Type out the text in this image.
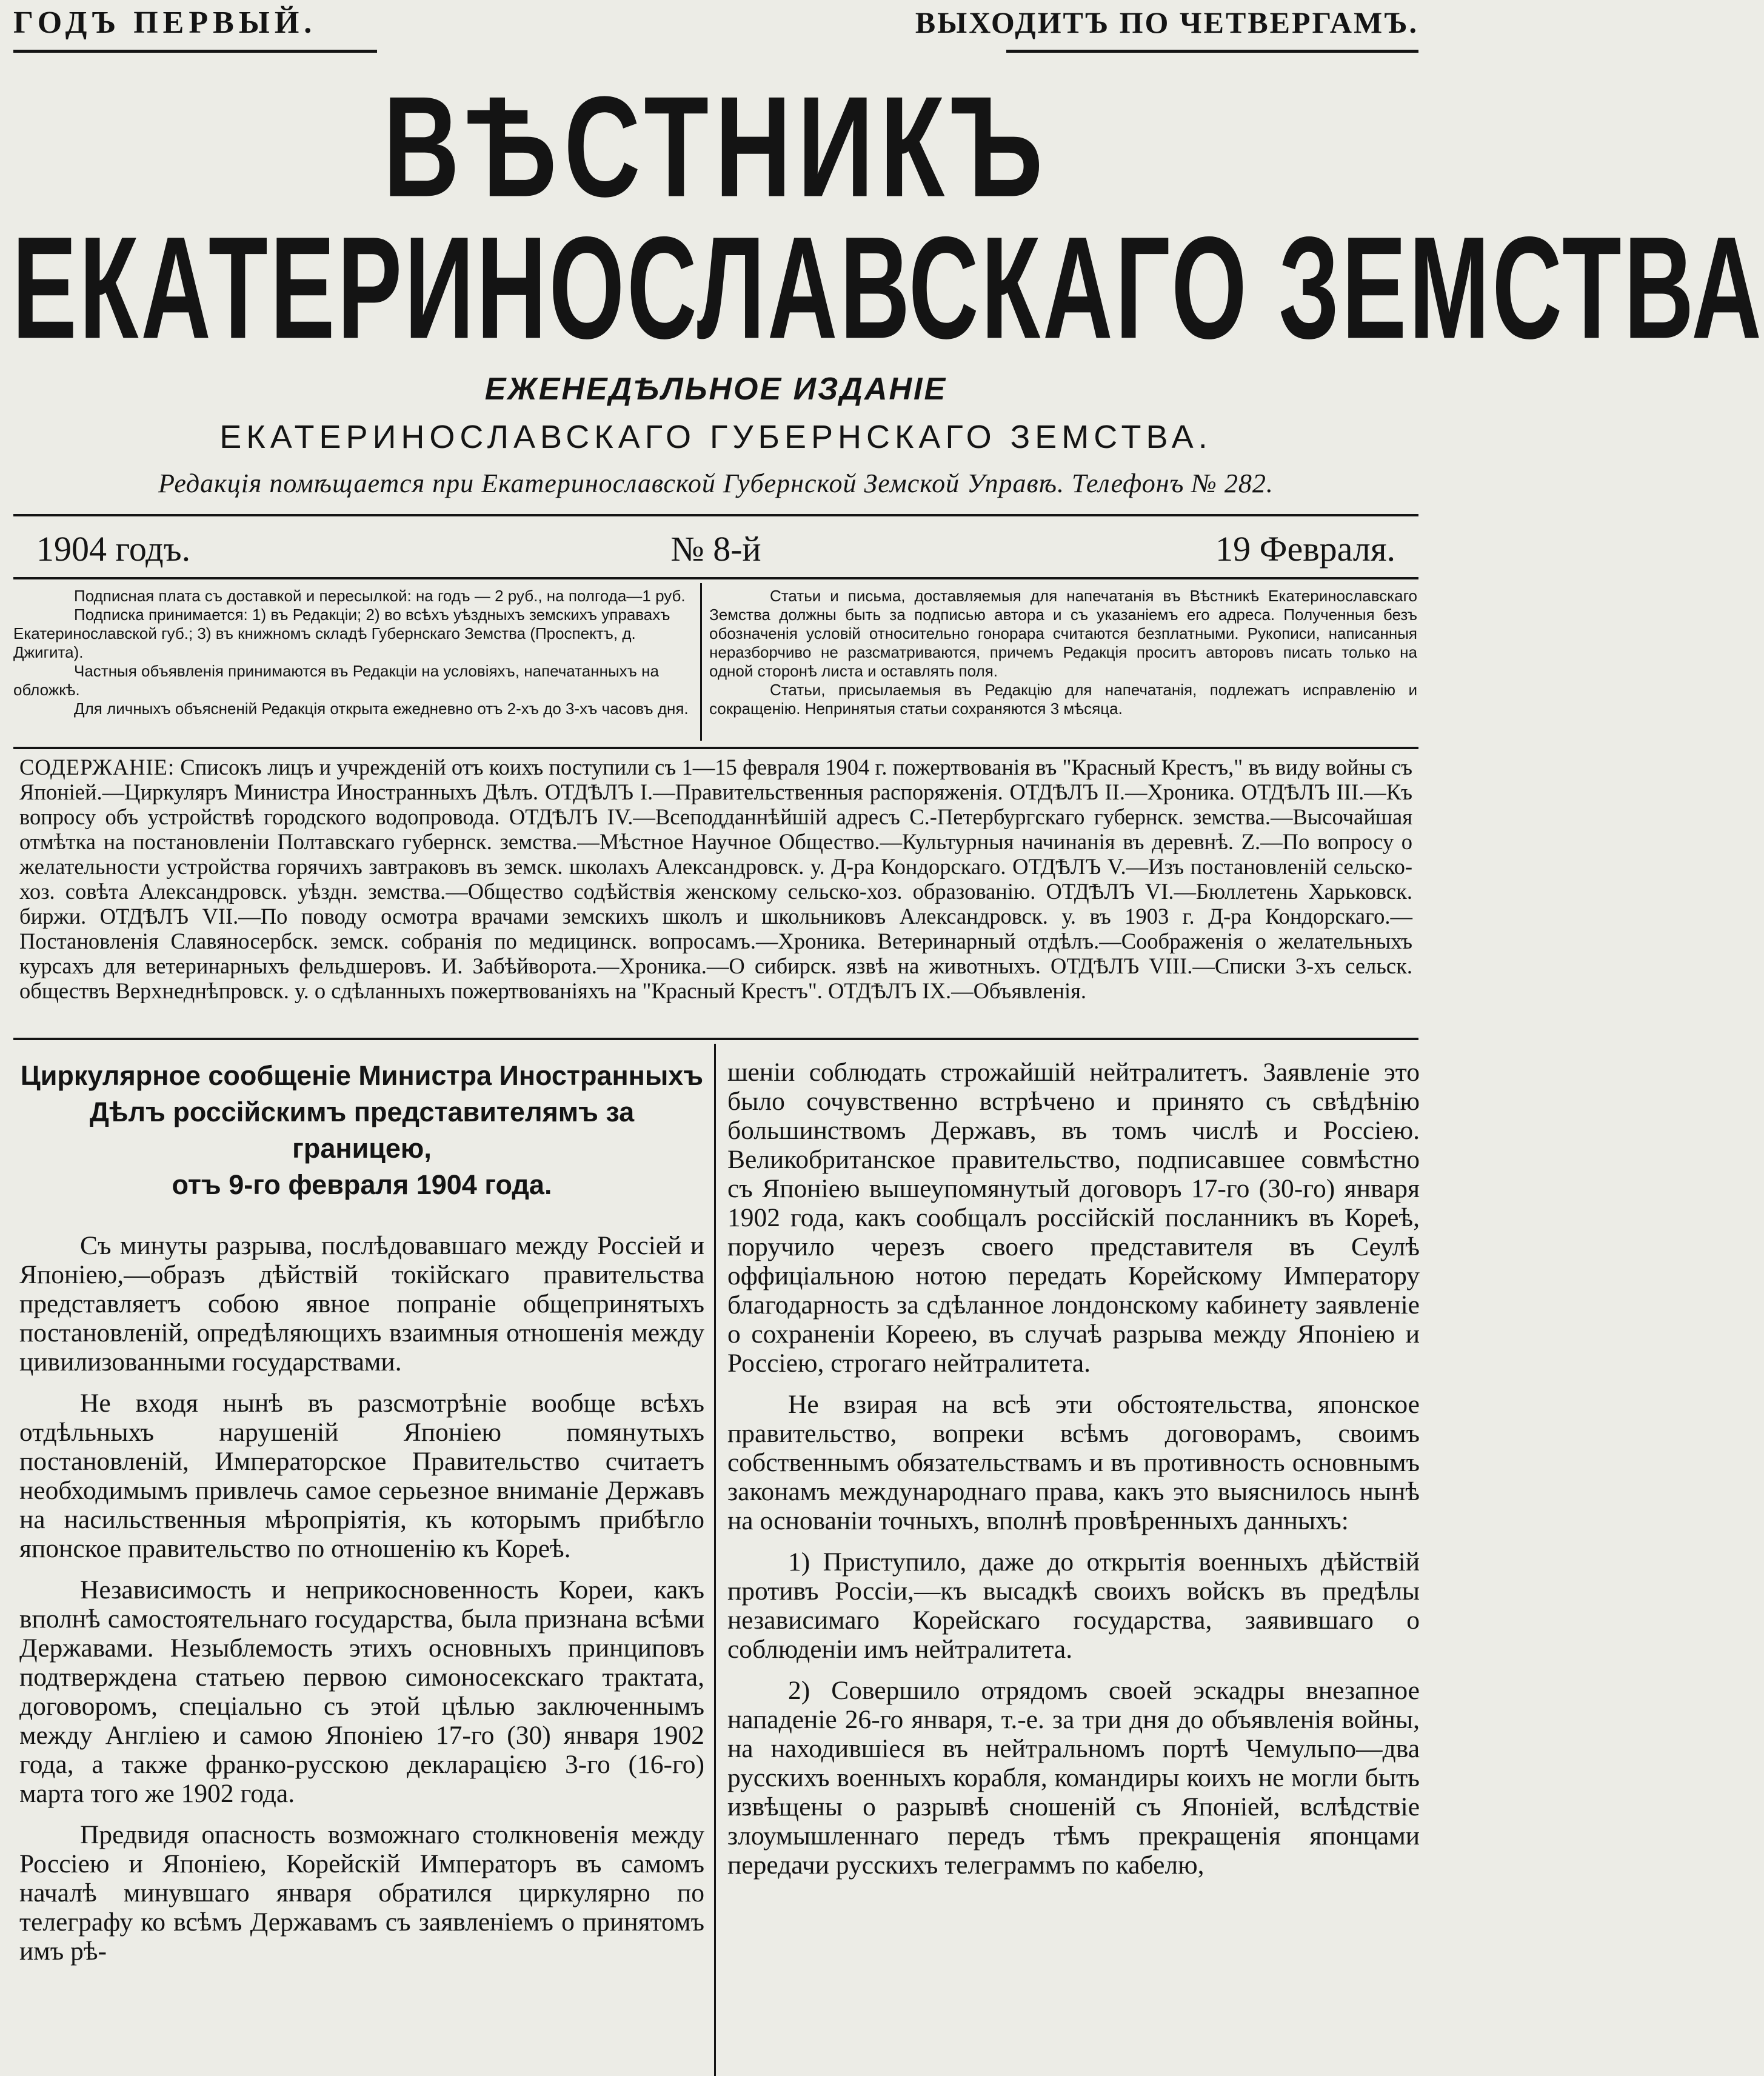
ГОДЪ ПЕРВЫЙ.	ВЫХОДИТЪ ПО ЧЕТВЕРГАМЪ.
ВѢСТНИКЪ
ЕКАТЕРИНОСЛАВСКАГО ЗЕМСТВА
ЕЖЕНЕДѢЛЬНОЕ ИЗДАНІЕ
ЕКАТЕРИНОСЛАВСКАГО ГУБЕРНСКАГО ЗЕМСТВА.
Редакція помѣщается при Екатеринославской Губернской Земской Управѣ. Телефонъ № 282.
1904 годъ.	№ 8-й	19 Февраля.

Подписная плата съ доставкой и пересылкой: на годъ — 2 руб., на полгода—1 руб.

Подписка принимается: 1) въ Редакціи; 2) во всѣхъ уѣздныхъ земскихъ управахъ Екатеринославской губ.; 3) въ книжномъ складѣ Губернскаго Земства (Проспектъ, д. Джигита).

Частныя объявленія принимаются въ Редакціи на условіяхъ, напечатанныхъ на обложкѣ.

Для личныхъ объясненій Редакція открыта ежедневно отъ 2-хъ до 3-хъ часовъ дня.

Статьи и письма, доставляемыя для напечатанія въ Вѣстникѣ Екатеринославскаго Земства должны быть за подписью автора и съ указаніемъ его адреса. Полученныя безъ обозначенія условій относительно гонорара считаются безплатными. Рукописи, написанныя неразборчиво не разсматриваются, причемъ Редакція проситъ авторовъ писать только на одной сторонѣ листа и оставлять поля.

Статьи, присылаемыя въ Редакцію для напечатанія, подлежатъ исправленію и сокращенію. Непринятыя статьи сохраняются 3 мѣсяца.

СОДЕРЖАНІЕ: Списокъ лицъ и учрежденій отъ коихъ поступили съ 1—15 февраля 1904 г. пожертвованія въ "Красный Крестъ," въ виду войны съ Японіей.—Циркуляръ Министра Иностранныхъ Дѣлъ. ОТДѢЛЪ I.—Правительственныя распоряженія. ОТДѢЛЪ II.—Хроника. ОТДѢЛЪ III.—Къ вопросу объ устройствѣ городского водопровода. ОТДѢЛЪ IV.—Всеподданнѣйшій адресъ С.-Петербургскаго губернск. земства.—Высочайшая отмѣтка на постановленіи Полтавскаго губернск. земства.—Мѣстное Научное Общество.—Культурныя начинанія въ деревнѣ. Z.—По вопросу о желательности устройства горячихъ завтраковъ въ земск. школахъ Александровск. у. Д-ра Кондорскаго. ОТДѢЛЪ V.—Изъ постановленій сельско-хоз. совѣта Александровск. уѣздн. земства.—Общество содѣйствія женскому сельско-хоз. образованію. ОТДѢЛЪ VI.—Бюллетень Харьковск. биржи. ОТДѢЛЪ VII.—По поводу осмотра врачами земскихъ школъ и школьниковъ Александровск. у. въ 1903 г. Д-ра Кондорскаго.—Постановленія Славяносербск. земск. собранія по медицинск. вопросамъ.—Хроника. Ветеринарный отдѣлъ.—Соображенія о желательныхъ курсахъ для ветеринарныхъ фельдшеровъ. И. Забѣйворота.—Хроника.—О сибирск. язвѣ на животныхъ. ОТДѢЛЪ VIII.—Списки 3-хъ сельск. обществъ Верхнеднѣпровск. у. о сдѣланныхъ пожертвованіяхъ на "Красный Крестъ". ОТДѢЛЪ IX.—Объявленія.
Циркулярное сообщеніе Министра Иностранныхъ
Дѣлъ россійскимъ представителямъ за границею,
отъ 9-го февраля 1904 года.

Съ минуты разрыва, послѣдовавшаго между Россіей и Японіею,—образъ дѣйствій токійскаго правительства представляетъ собою явное попраніе общепринятыхъ постановленій, опредѣляющихъ взаимныя отношенія между цивилизованными государствами.

Не входя нынѣ въ разсмотрѣніе вообще всѣхъ отдѣльныхъ нарушеній Японіею помянутыхъ постановленій, Императорское Правительство считаетъ необходимымъ привлечь самое серьезное вниманіе Державъ на насильственныя мѣропріятія, къ которымъ прибѣгло японское правительство по отношенію къ Кореѣ.

Независимость и неприкосновенность Кореи, какъ вполнѣ самостоятельнаго государства, была признана всѣми Державами. Незыблемость этихъ основныхъ принциповъ подтверждена статьею первою симоносекскаго трактата, договоромъ, спеціально съ этой цѣлью заключеннымъ между Англіею и самою Японіею 17-го (30) января 1902 года, а также франко-русскою декларацією 3-го (16-го) марта того же 1902 года.

Предвидя опасность возможнаго столкновенія между Россіею и Японіею, Корейскій Императоръ въ самомъ началѣ минувшаго января обратился циркулярно по телеграфу ко всѣмъ Державамъ съ заявленіемъ о принятомъ имъ рѣ-

шеніи соблюдать строжайшій нейтралитетъ. Заявленіе это было сочувственно встрѣчено и принято съ свѣдѣнію большинствомъ Державъ, въ томъ числѣ и Россіею. Великобританское правительство, подписавшее совмѣстно съ Японіею вышеупомянутый договоръ 17-го (30-го) января 1902 года, какъ сообщалъ россійскій посланникъ въ Кореѣ, поручило черезъ своего представителя въ Сеулѣ оффиціальною нотою передать Корейскому Императору благодарность за сдѣланное лондонскому кабинету заявленіе о сохраненіи Кореею, въ случаѣ разрыва между Японіею и Россіею, строгаго нейтралитета.

Не взирая на всѣ эти обстоятельства, японское правительство, вопреки всѣмъ договорамъ, своимъ собственнымъ обязательствамъ и въ противность основнымъ законамъ международнаго права, какъ это выяснилось нынѣ на основаніи точныхъ, вполнѣ провѣренныхъ данныхъ:

1) Приступило, даже до открытія военныхъ дѣйствій противъ Россіи,—къ высадкѣ своихъ войскъ въ предѣлы независимаго Корейскаго государства, заявившаго о соблюденіи имъ нейтралитета.

2) Совершило отрядомъ своей эскадры внезапное нападеніе 26-го января, т.-е. за три дня до объявленія войны, на находившіеся въ нейтральномъ портѣ Чемульпо—два русскихъ военныхъ корабля, командиры коихъ не могли быть извѣщены о разрывѣ сношеній съ Японіей, вслѣдствіе злоумышленнаго передъ тѣмъ прекращенія японцами передачи русскихъ телеграммъ по кабелю,
